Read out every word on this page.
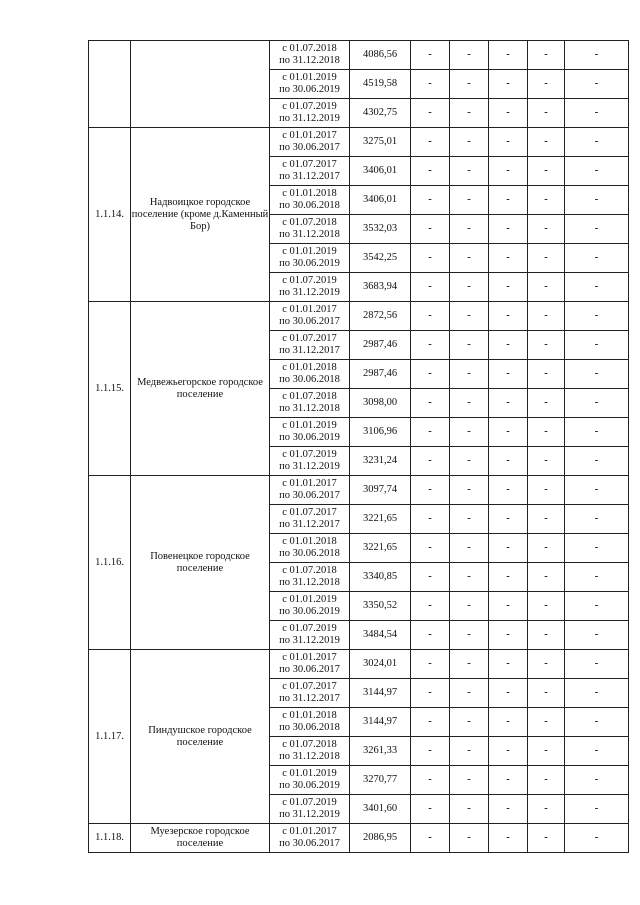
		с 01.07.2018
по 31.12.2018	4086,56	-	-	-	-	-

		с 01.01.2019
по 30.06.2019	4519,58	-	-	-	-	-

		с 01.07.2019
по 31.12.2019	4302,75	-	-	-	-	-
1.1.14.	Надвоицкое городское поселение (кроме д.Каменный Бор)	с 01.01.2017
по 30.06.2017	3275,01	-	-	-	-	-

		с 01.07.2017
по 31.12.2017	3406,01	-	-	-	-	-

		с 01.01.2018
по 30.06.2018	3406,01	-	-	-	-	-

		с 01.07.2018
по 31.12.2018	3532,03	-	-	-	-	-

		с 01.01.2019
по 30.06.2019	3542,25	-	-	-	-	-

		с 01.07.2019
по 31.12.2019	3683,94	-	-	-	-	-
1.1.15.	Медвежьегорское городское поселение	с 01.01.2017
по 30.06.2017	2872,56	-	-	-	-	-

		с 01.07.2017
по 31.12.2017	2987,46	-	-	-	-	-

		с 01.01.2018
по 30.06.2018	2987,46	-	-	-	-	-

		с 01.07.2018
по 31.12.2018	3098,00	-	-	-	-	-

		с 01.01.2019
по 30.06.2019	3106,96	-	-	-	-	-

		с 01.07.2019
по 31.12.2019	3231,24	-	-	-	-	-
1.1.16.	Повенецкое городское поселение	с 01.01.2017
по 30.06.2017	3097,74	-	-	-	-	-

		с 01.07.2017
по 31.12.2017	3221,65	-	-	-	-	-

		с 01.01.2018
по 30.06.2018	3221,65	-	-	-	-	-

		с 01.07.2018
по 31.12.2018	3340,85	-	-	-	-	-

		с 01.01.2019
по 30.06.2019	3350,52	-	-	-	-	-

		с 01.07.2019
по 31.12.2019	3484,54	-	-	-	-	-
1.1.17.	Пиндушское городское поселение	с 01.01.2017
по 30.06.2017	3024,01	-	-	-	-	-

		с 01.07.2017
по 31.12.2017	3144,97	-	-	-	-	-

		с 01.01.2018
по 30.06.2018	3144,97	-	-	-	-	-

		с 01.07.2018
по 31.12.2018	3261,33	-	-	-	-	-

		с 01.01.2019
по 30.06.2019	3270,77	-	-	-	-	-

		с 01.07.2019
по 31.12.2019	3401,60	-	-	-	-	-
1.1.18.	Муезерское городское поселение	с 01.01.2017
по 30.06.2017	2086,95	-	-	-	-	-
